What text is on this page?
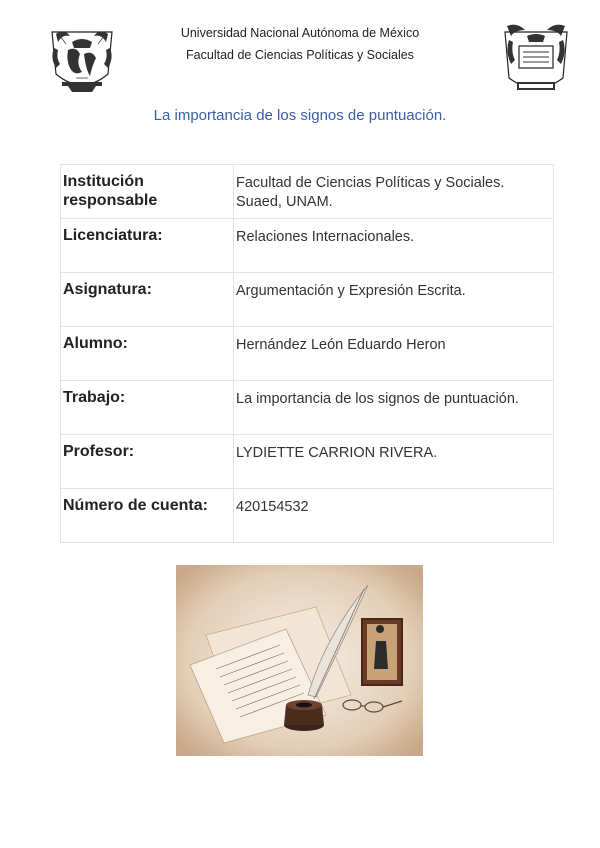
Universidad Nacional Autónoma de México
Facultad de Ciencias Políticas y Sociales
La importancia de los signos de puntuación.
Institución responsable	Facultad de Ciencias Políticas y Sociales. Suaed, UNAM.
Licenciatura:	Relaciones Internacionales.
Asignatura:	Argumentación y Expresión Escrita.
Alumno:	Hernández León Eduardo Heron
Trabajo:	La importancia de los signos de puntuación.
Profesor:	LYDIETTE CARRION RIVERA.
Número de cuenta:	420154532
